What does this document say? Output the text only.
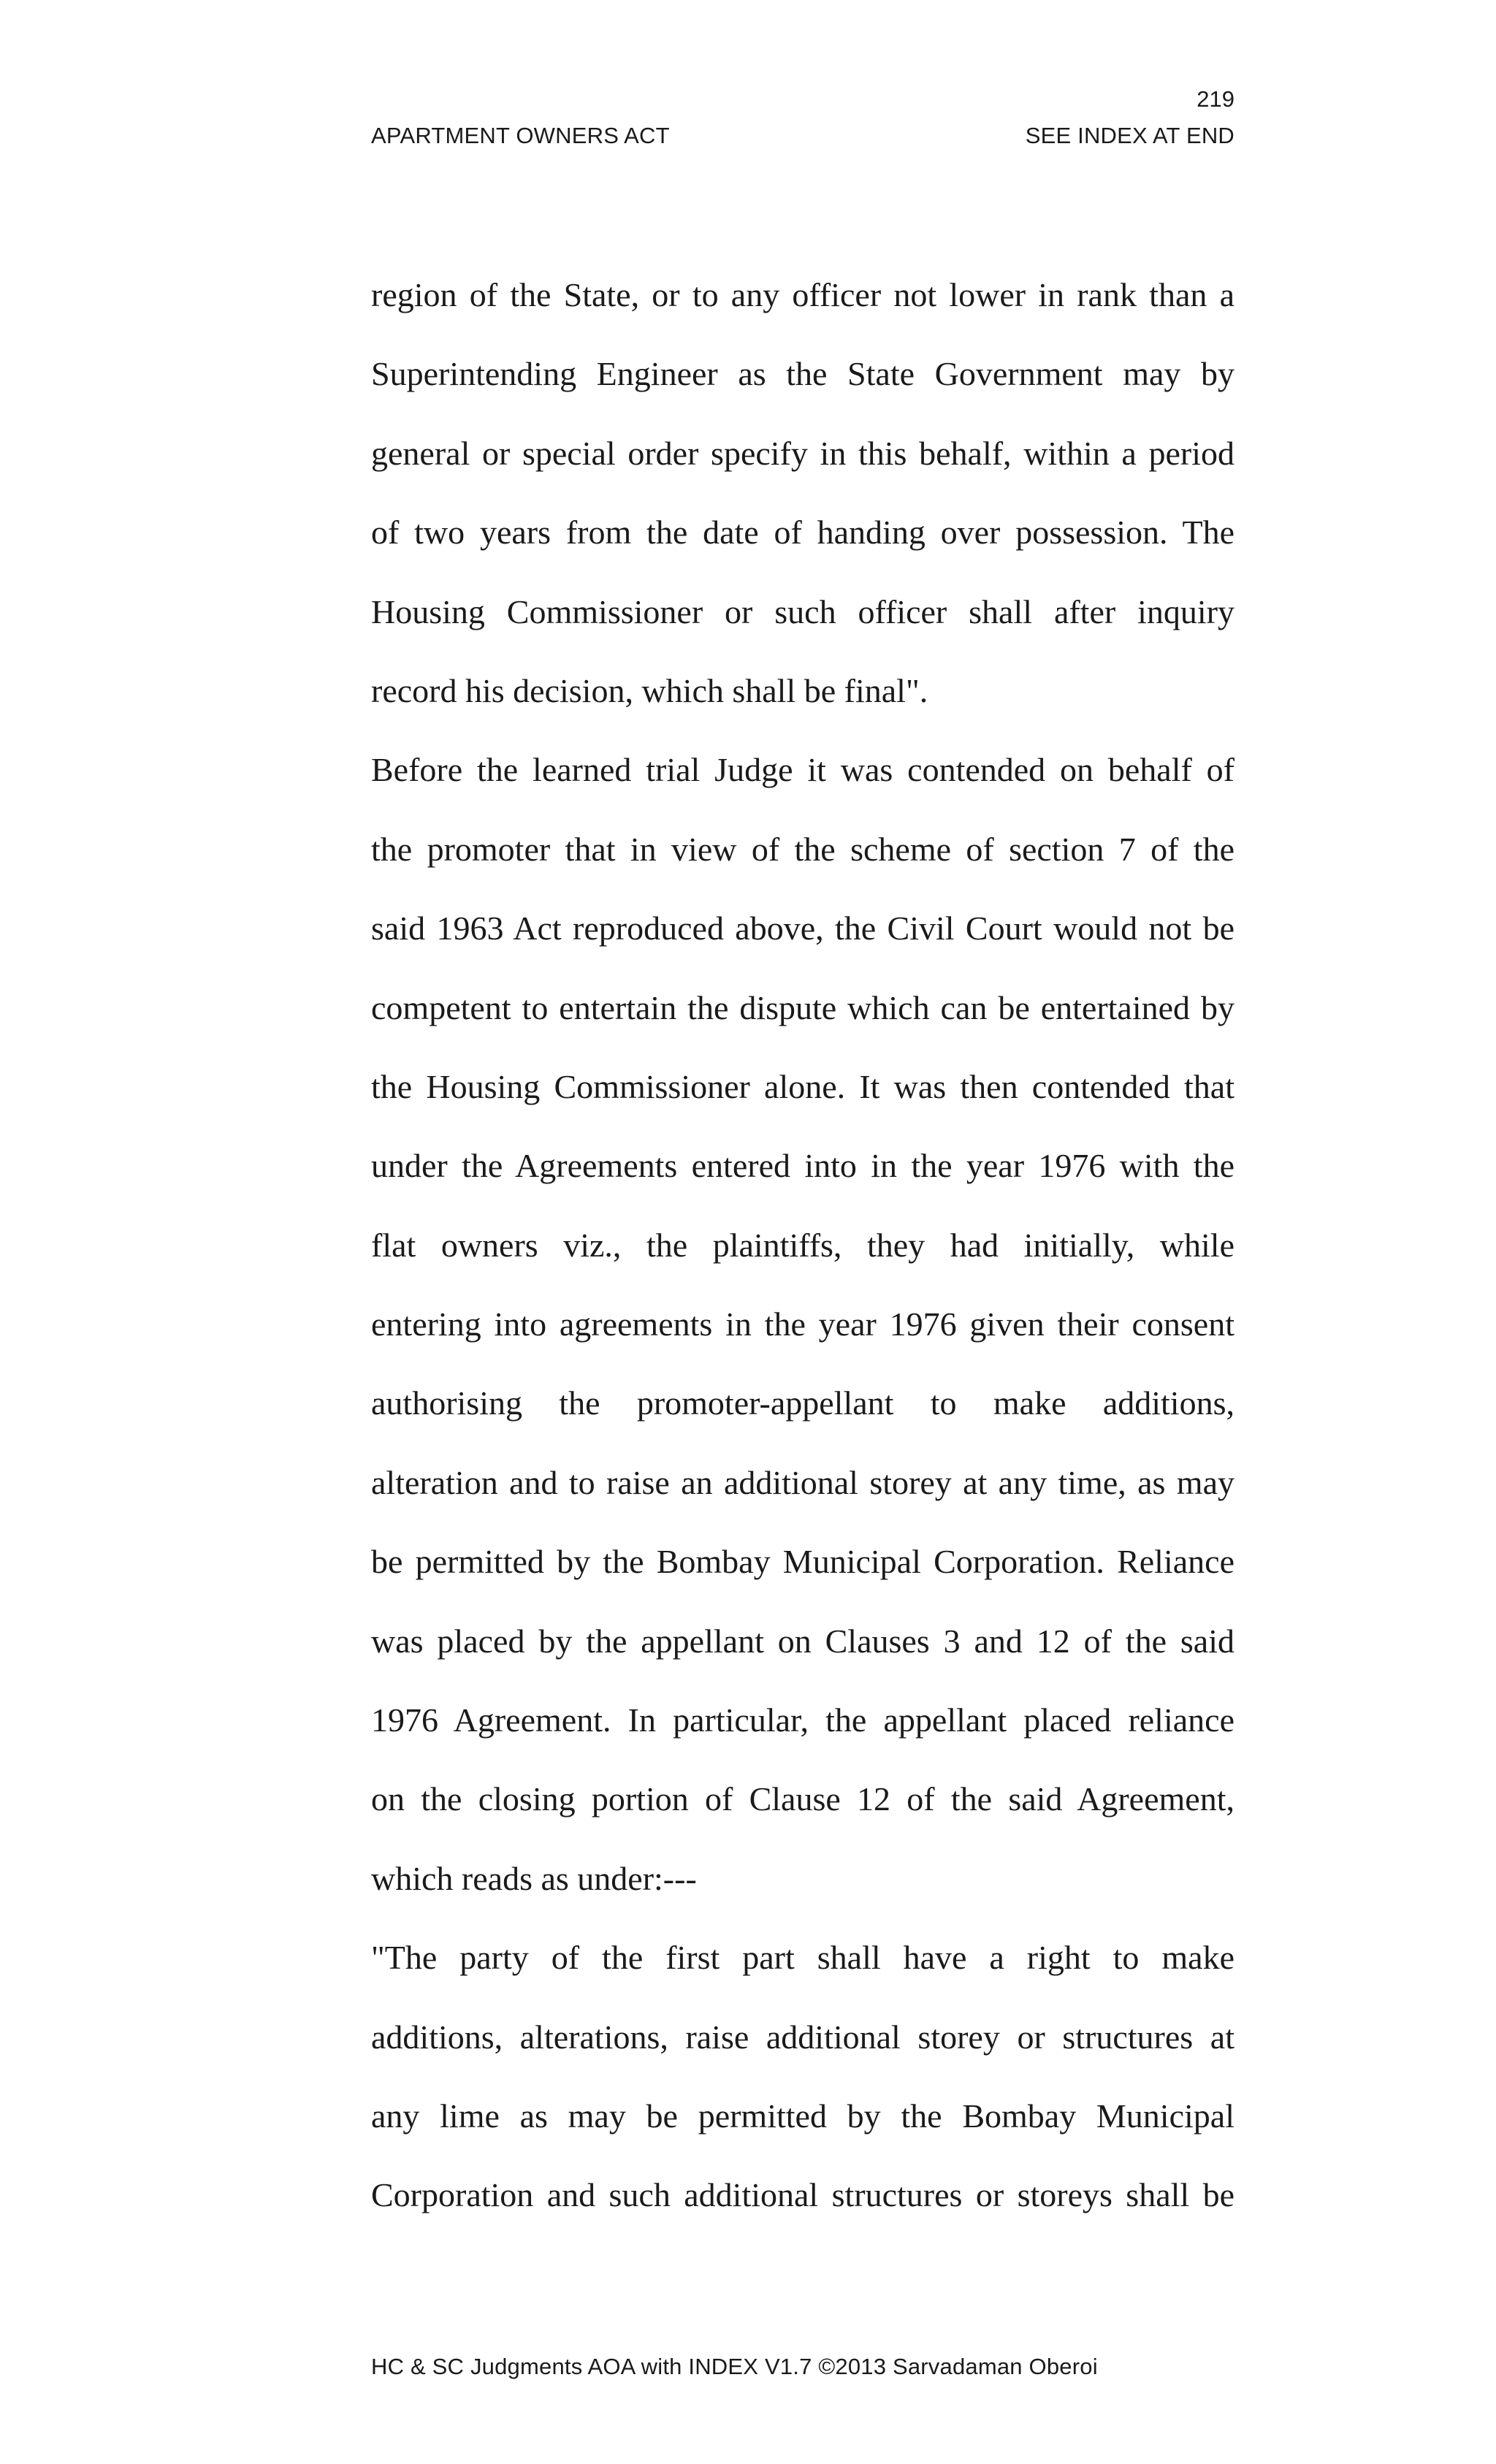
219
APARTMENT OWNERS ACT	SEE INDEX AT END
region of the State, or to any officer not lower in rank than a
Superintending Engineer as the State Government may by
general or special order specify in this behalf, within a period
of two years from the date of handing over possession. The
Housing Commissioner or such officer shall after inquiry
record his decision, which shall be final".
Before the learned trial Judge it was contended on behalf of
the promoter that in view of the scheme of section 7 of the
said 1963 Act reproduced above, the Civil Court would not be
competent to entertain the dispute which can be entertained by
the Housing Commissioner alone. It was then contended that
under the Agreements entered into in the year 1976 with the
flat owners viz., the plaintiffs, they had initially, while
entering into agreements in the year 1976 given their consent
authorising the promoter-appellant to make additions,
alteration and to raise an additional storey at any time, as may
be permitted by the Bombay Municipal Corporation. Reliance
was placed by the appellant on Clauses 3 and 12 of the said
1976 Agreement. In particular, the appellant placed reliance
on the closing portion of Clause 12 of the said Agreement,
which reads as under:---
"The party of the first part shall have a right to make
additions, alterations, raise additional storey or structures at
any lime as may be permitted by the Bombay Municipal
Corporation and such additional structures or storeys shall be
HC & SC Judgments AOA with INDEX V1.7 ©2013 Sarvadaman Oberoi
